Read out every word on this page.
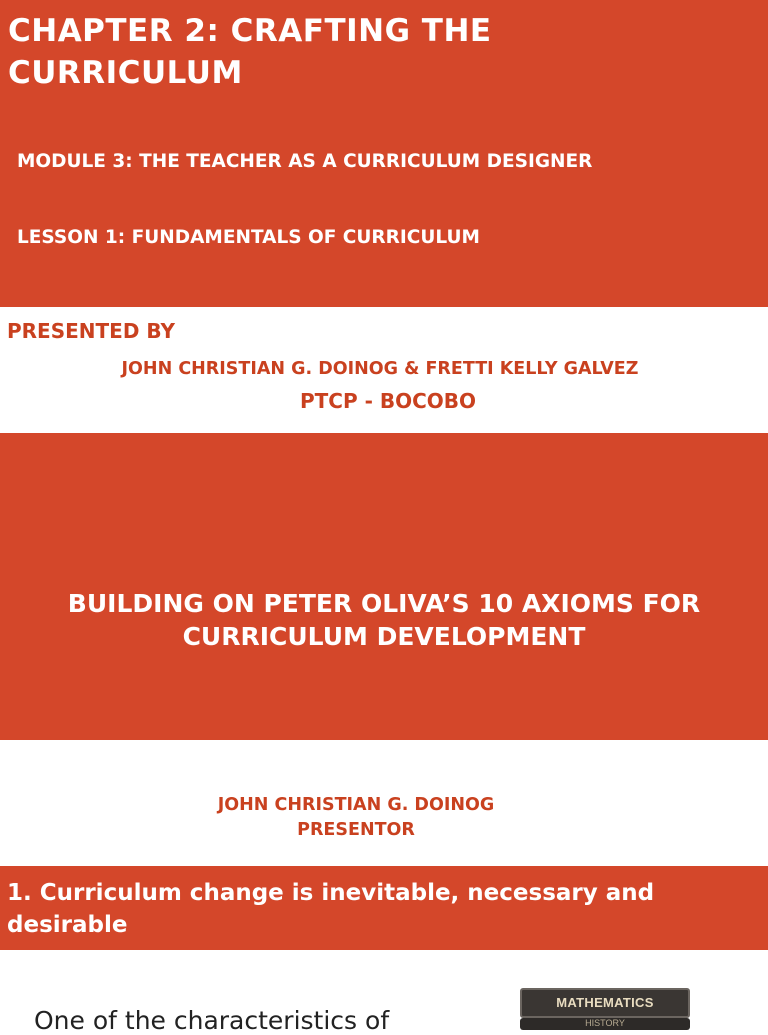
CHAPTER 2: CRAFTING THE CURRICULUM

MODULE 3: THE TEACHER AS A CURRICULUM DESIGNER

LESSON 1: FUNDAMENTALS OF CURRICULUM

PRESENTED BY

JOHN CHRISTIAN G. DOINOG & FRETTI KELLY GALVEZ

PTCP - BOCOBO

BUILDING ON PETER OLIVA’S 10 AXIOMS FOR CURRICULUM DEVELOPMENT

JOHN CHRISTIAN G. DOINOG

PRESENTOR

1. Curriculum change is inevitable, necessary and desirable

One of the characteristics of

MATHEMATICS
HISTORY
